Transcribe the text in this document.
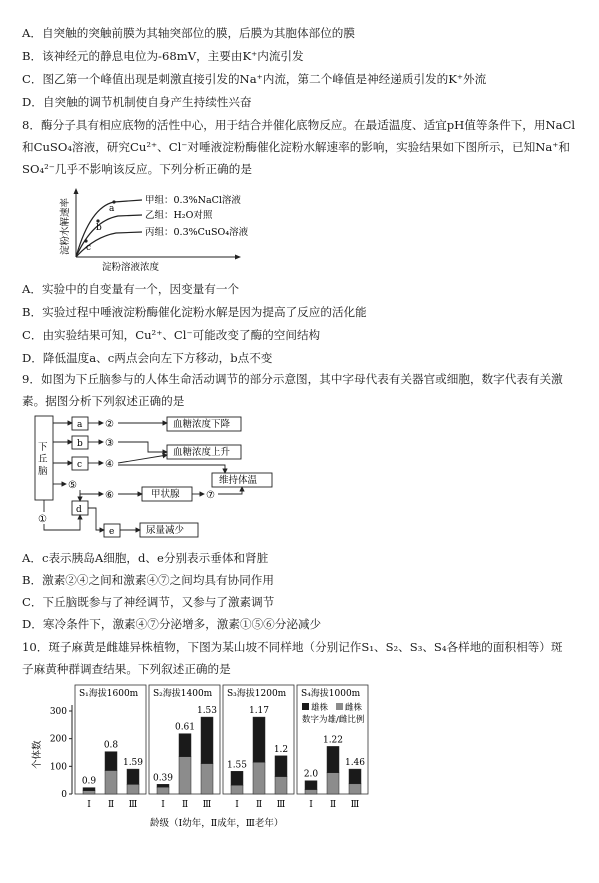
A．自突触的突触前膜为其轴突部位的膜，后膜为其胞体部位的膜
B．该神经元的静息电位为-68mV，主要由K⁺内流引发
C．图乙第一个峰值出现是刺激直接引发的Na⁺内流，第二个峰值是神经递质引发的K⁺外流
D．自突触的调节机制使自身产生持续性兴奋
8．酶分子具有相应底物的活性中心，用于结合并催化底物反应。在最适温度、适宜pH值等条件下，用NaCl
和CuSO₄溶液，研究Cu²⁺、Cl⁻对唾液淀粉酶催化淀粉水解速率的影响，实验结果如下图所示，已知Na⁺和
SO₄²⁻几乎不影响该反应。下列分析正确的是
a
b
c
甲组：0.3%NaCl溶液
乙组：H₂O对照
丙组：0.3%CuSO₄溶液
淀粉水解速率
淀粉溶液浓度
A．实验中的自变量有一个，因变量有一个
B．实验过程中唾液淀粉酶催化淀粉水解是因为提高了反应的活化能
C．由实验结果可知，Cu²⁺、Cl⁻可能改变了酶的空间结构
D．降低温度a、c两点会向左下方移动，b点不变
9．如图为下丘脑参与的人体生命活动调节的部分示意图，其中字母代表有关器官或细胞，数字代表有关激
素。据图分析下列叙述正确的是
下
丘
脑
a
b
c
d
e
②
③
④
⑤
⑥	⑦
①
血糖浓度下降
血糖浓度上升
维持体温
甲状腺
尿量减少
A．c表示胰岛A细胞，d、e分别表示垂体和肾脏
B．激素②④之间和激素④⑦之间均具有协同作用
C．下丘脑既参与了神经调节，又参与了激素调节
D．寒冷条件下，激素④⑦分泌增多，激素①⑤⑥分泌减少
10．斑子麻黄是雌雄异株植物，下图为某山坡不同样地（分别记作S₁、S₂、S₃、S₄各样地的面积相等）斑
子麻黄种群调查结果。下列叙述正确的是
个体数
龄级（Ⅰ幼年，Ⅱ成年，Ⅲ老年）
0
100
200
300
S₁海拔1600m
0.9
Ⅰ
0.8
Ⅱ
1.59
Ⅲ
S₂海拔1400m
0.39
Ⅰ
0.61
Ⅱ
1.53
Ⅲ
S₃海拔1200m
1.55
Ⅰ
1.17
Ⅱ
1.2
Ⅲ
S₄海拔1000m
2.0
Ⅰ
1.22
Ⅱ
1.46
Ⅲ
雄株 雌株
数字为雄/雌比例
